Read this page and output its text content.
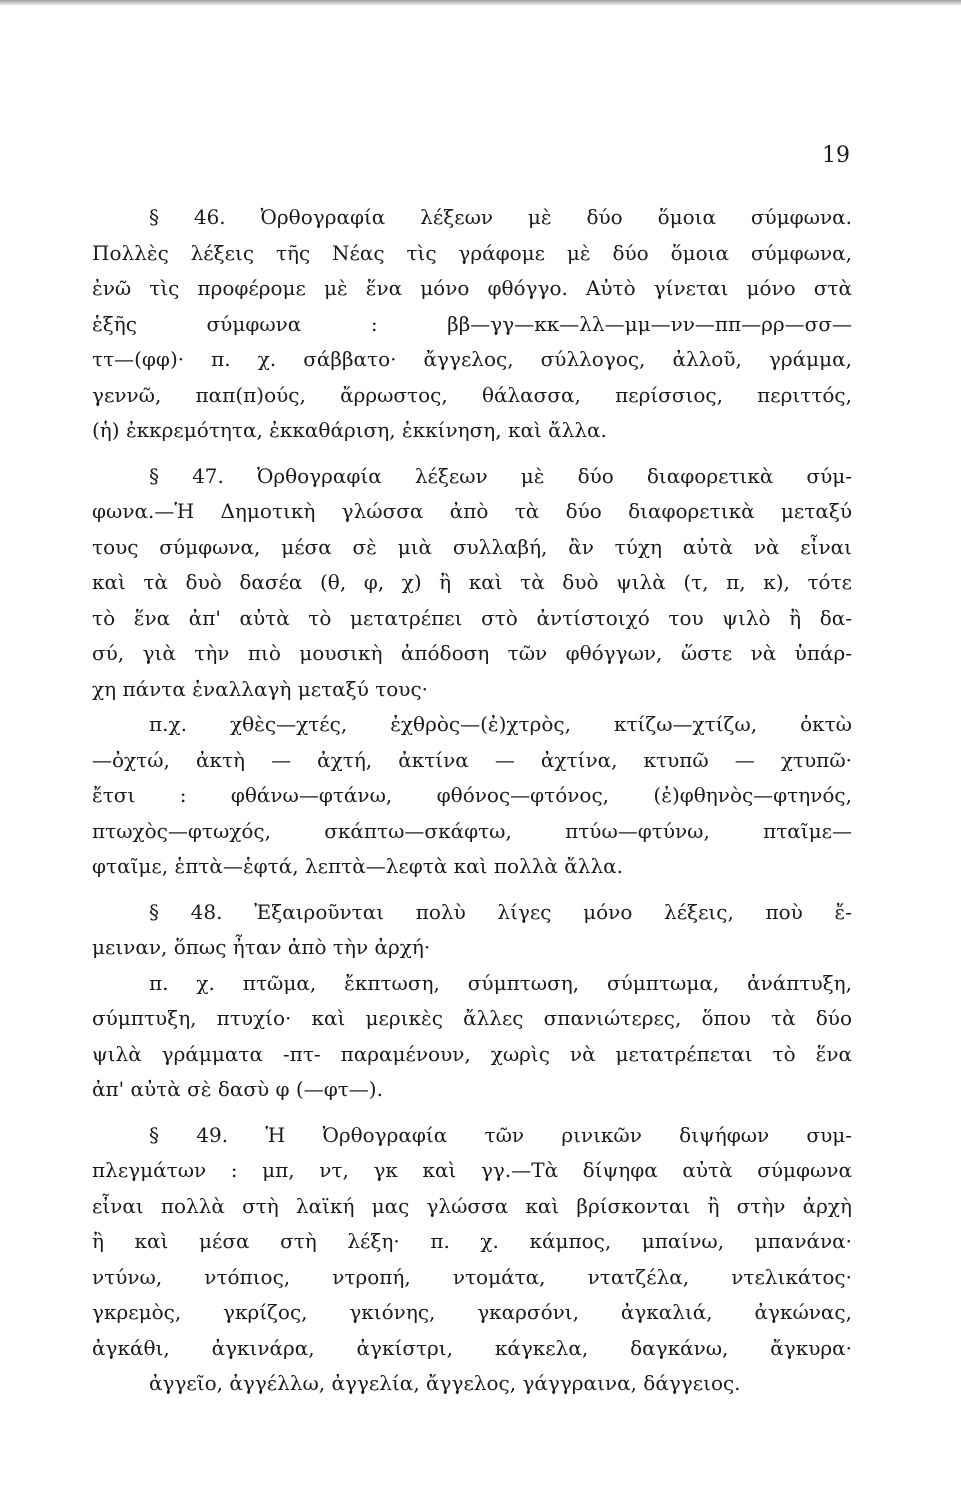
19
§ 46. Ὀρθογραφία λέξεων μὲ δύο ὅμοια σύμφωνα.
Πολλὲς λέξεις τῆς Νέας τὶς γράφομε μὲ δύο ὅμοια σύμφωνα,
ἐνῶ τὶς προφέρομε μὲ ἕνα μόνο φθόγγο. Αὐτὸ γίνεται μόνο στὰ
ἑξῆς σύμφωνα : ββ—γγ—κκ—λλ—μμ—νν—ππ—ρρ—σσ—
ττ—(φφ)· π. χ. σάββατο· ἄγγελος, σύλλογος, ἀλλοῦ, γράμμα,
γεννῶ, παπ(π)ούς, ἄρρωστος, θάλασσα, περίσσιος, περιττός,
(ἡ) ἐκκρεμότητα, ἐκκαθάριση, ἐκκίνηση, καὶ ἄλλα.
§ 47. Ὀρθογραφία λέξεων μὲ δύο διαφορετικὰ σύμ-
φωνα.—Ἡ Δημοτικὴ γλώσσα ἀπὸ τὰ δύο διαφορετικὰ μεταξύ
τους σύμφωνα, μέσα σὲ μιὰ συλλαβή, ἂν τύχη αὐτὰ νὰ εἶναι
καὶ τὰ δυὸ δασέα (θ, φ, χ) ἢ καὶ τὰ δυὸ ψιλὰ (τ, π, κ), τότε
τὸ ἕνα ἀπ' αὐτὰ τὸ μετατρέπει στὸ ἀντίστοιχό του ψιλὸ ἢ δα-
σύ, γιὰ τὴν πιὸ μουσικὴ ἀπόδοση τῶν φθόγγων, ὥστε νὰ ὑπάρ-
χη πάντα ἐναλλαγὴ μεταξύ τους·
π.χ. χθὲς—χτές, ἐχθρὸς—(ἐ)χτρὸς, κτίζω—χτίζω, ὀκτὼ
—ὀχτώ, ἀκτὴ — ἀχτή, ἀκτίνα — ἀχτίνα, κτυπῶ — χτυπῶ·
ἔτσι : φθάνω—φτάνω, φθόνος—φτόνος, (ἐ)φθηνὸς—φτηνός,
πτωχὸς—φτωχός, σκάπτω—σκάφτω, πτύω—φτύνω, πταῖμε—
φταῖμε, ἑπτὰ—ἑφτά, λεπτὰ—λεφτὰ καὶ πολλὰ ἄλλα.
§ 48. Ἐξαιροῦνται πολὺ λίγες μόνο λέξεις, ποὺ ἔ-
μειναν, ὅπως ἦταν ἀπὸ τὴν ἀρχή·
π. χ. πτῶμα, ἔκπτωση, σύμπτωση, σύμπτωμα, ἀνάπτυξη,
σύμπτυξη, πτυχίο· καὶ μερικὲς ἄλλες σπανιώτερες, ὅπου τὰ δύο
ψιλὰ γράμματα -πτ- παραμένουν, χωρὶς νὰ μετατρέπεται τὸ ἕνα
ἀπ' αὐτὰ σὲ δασὺ φ (—φτ—).
§ 49. Ἡ Ὀρθογραφία τῶν ρινικῶν διψήφων συμ-
πλεγμάτων : μπ, ντ, γκ καὶ γγ.—Τὰ δίψηφα αὐτὰ σύμφωνα
εἶναι πολλὰ στὴ λαϊκή μας γλώσσα καὶ βρίσκονται ἢ στὴν ἀρχὴ
ἢ καὶ μέσα στὴ λέξη· π. χ. κάμπος, μπαίνω, μπανάνα·
ντύνω, ντόπιος, ντροπή, ντομάτα, ντατζέλα, ντελικάτος·
γκρεμὸς, γκρίζος, γκιόνης, γκαρσόνι, ἀγκαλιά, ἀγκώνας,
ἀγκάθι, ἀγκινάρα, ἀγκίστρι, κάγκελα, δαγκάνω, ἄγκυρα·
ἀγγεῖο, ἀγγέλλω, ἀγγελία, ἄγγελος, γάγγραινα, δάγγειος.
